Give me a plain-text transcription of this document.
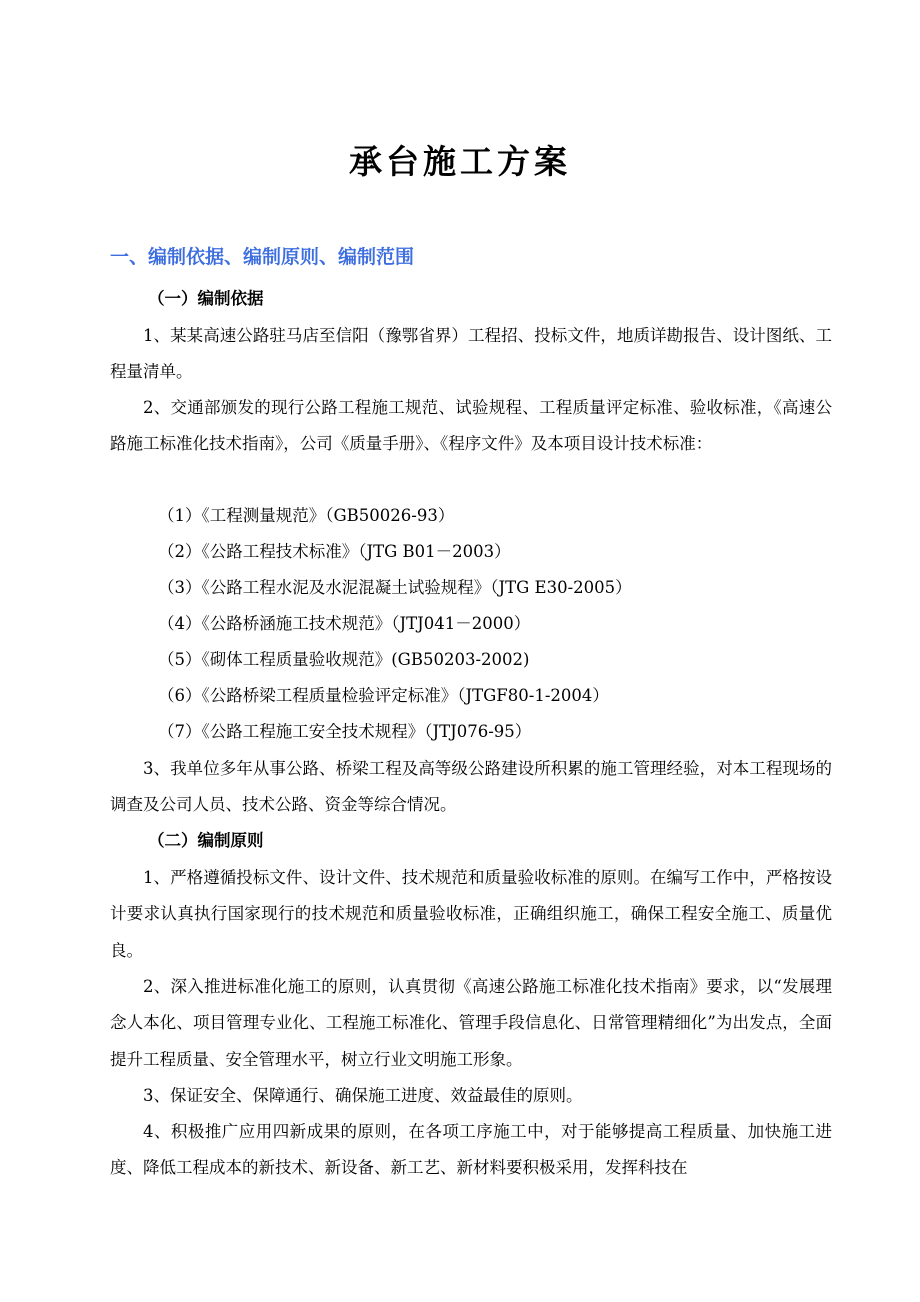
承台施工方案
一、编制依据、编制原则、编制范围
（一）编制依据

1、某某高速公路驻马店至信阳（豫鄂省界）工程招、投标文件，地质详勘报告、设计图纸、工程量清单。

2、交通部颁发的现行公路工程施工规范、试验规程、工程质量评定标准、验收标准，《高速公路施工标准化技术指南》，公司《质量手册》、《程序文件》及本项目设计技术标准：

（1）《工程测量规范》（GB50026-93）
（2）《公路工程技术标准》（JTG B01－2003）
（3）《公路工程水泥及水泥混凝土试验规程》（JTG E30-2005）
（4）《公路桥涵施工技术规范》（JTJ041－2000）
（5）《砌体工程质量验收规范》(GB50203-2002)
（6）《公路桥梁工程质量检验评定标准》（JTGF80-1-2004）
（7）《公路工程施工安全技术规程》（JTJ076-95）

3、我单位多年从事公路、桥梁工程及高等级公路建设所积累的施工管理经验，对本工程现场的调查及公司人员、技术公路、资金等综合情况。

（二）编制原则

1、严格遵循投标文件、设计文件、技术规范和质量验收标准的原则。在编写工作中，严格按设计要求认真执行国家现行的技术规范和质量验收标准，正确组织施工，确保工程安全施工、质量优良。

2、深入推进标准化施工的原则，认真贯彻《高速公路施工标准化技术指南》要求，以“发展理念人本化、项目管理专业化、工程施工标准化、管理手段信息化、日常管理精细化”为出发点，全面提升工程质量、安全管理水平，树立行业文明施工形象。

3、保证安全、保障通行、确保施工进度、效益最佳的原则。

4、积极推广应用四新成果的原则，在各项工序施工中，对于能够提高工程质量、加快施工进度、降低工程成本的新技术、新设备、新工艺、新材料要积极采用，发挥科技在
